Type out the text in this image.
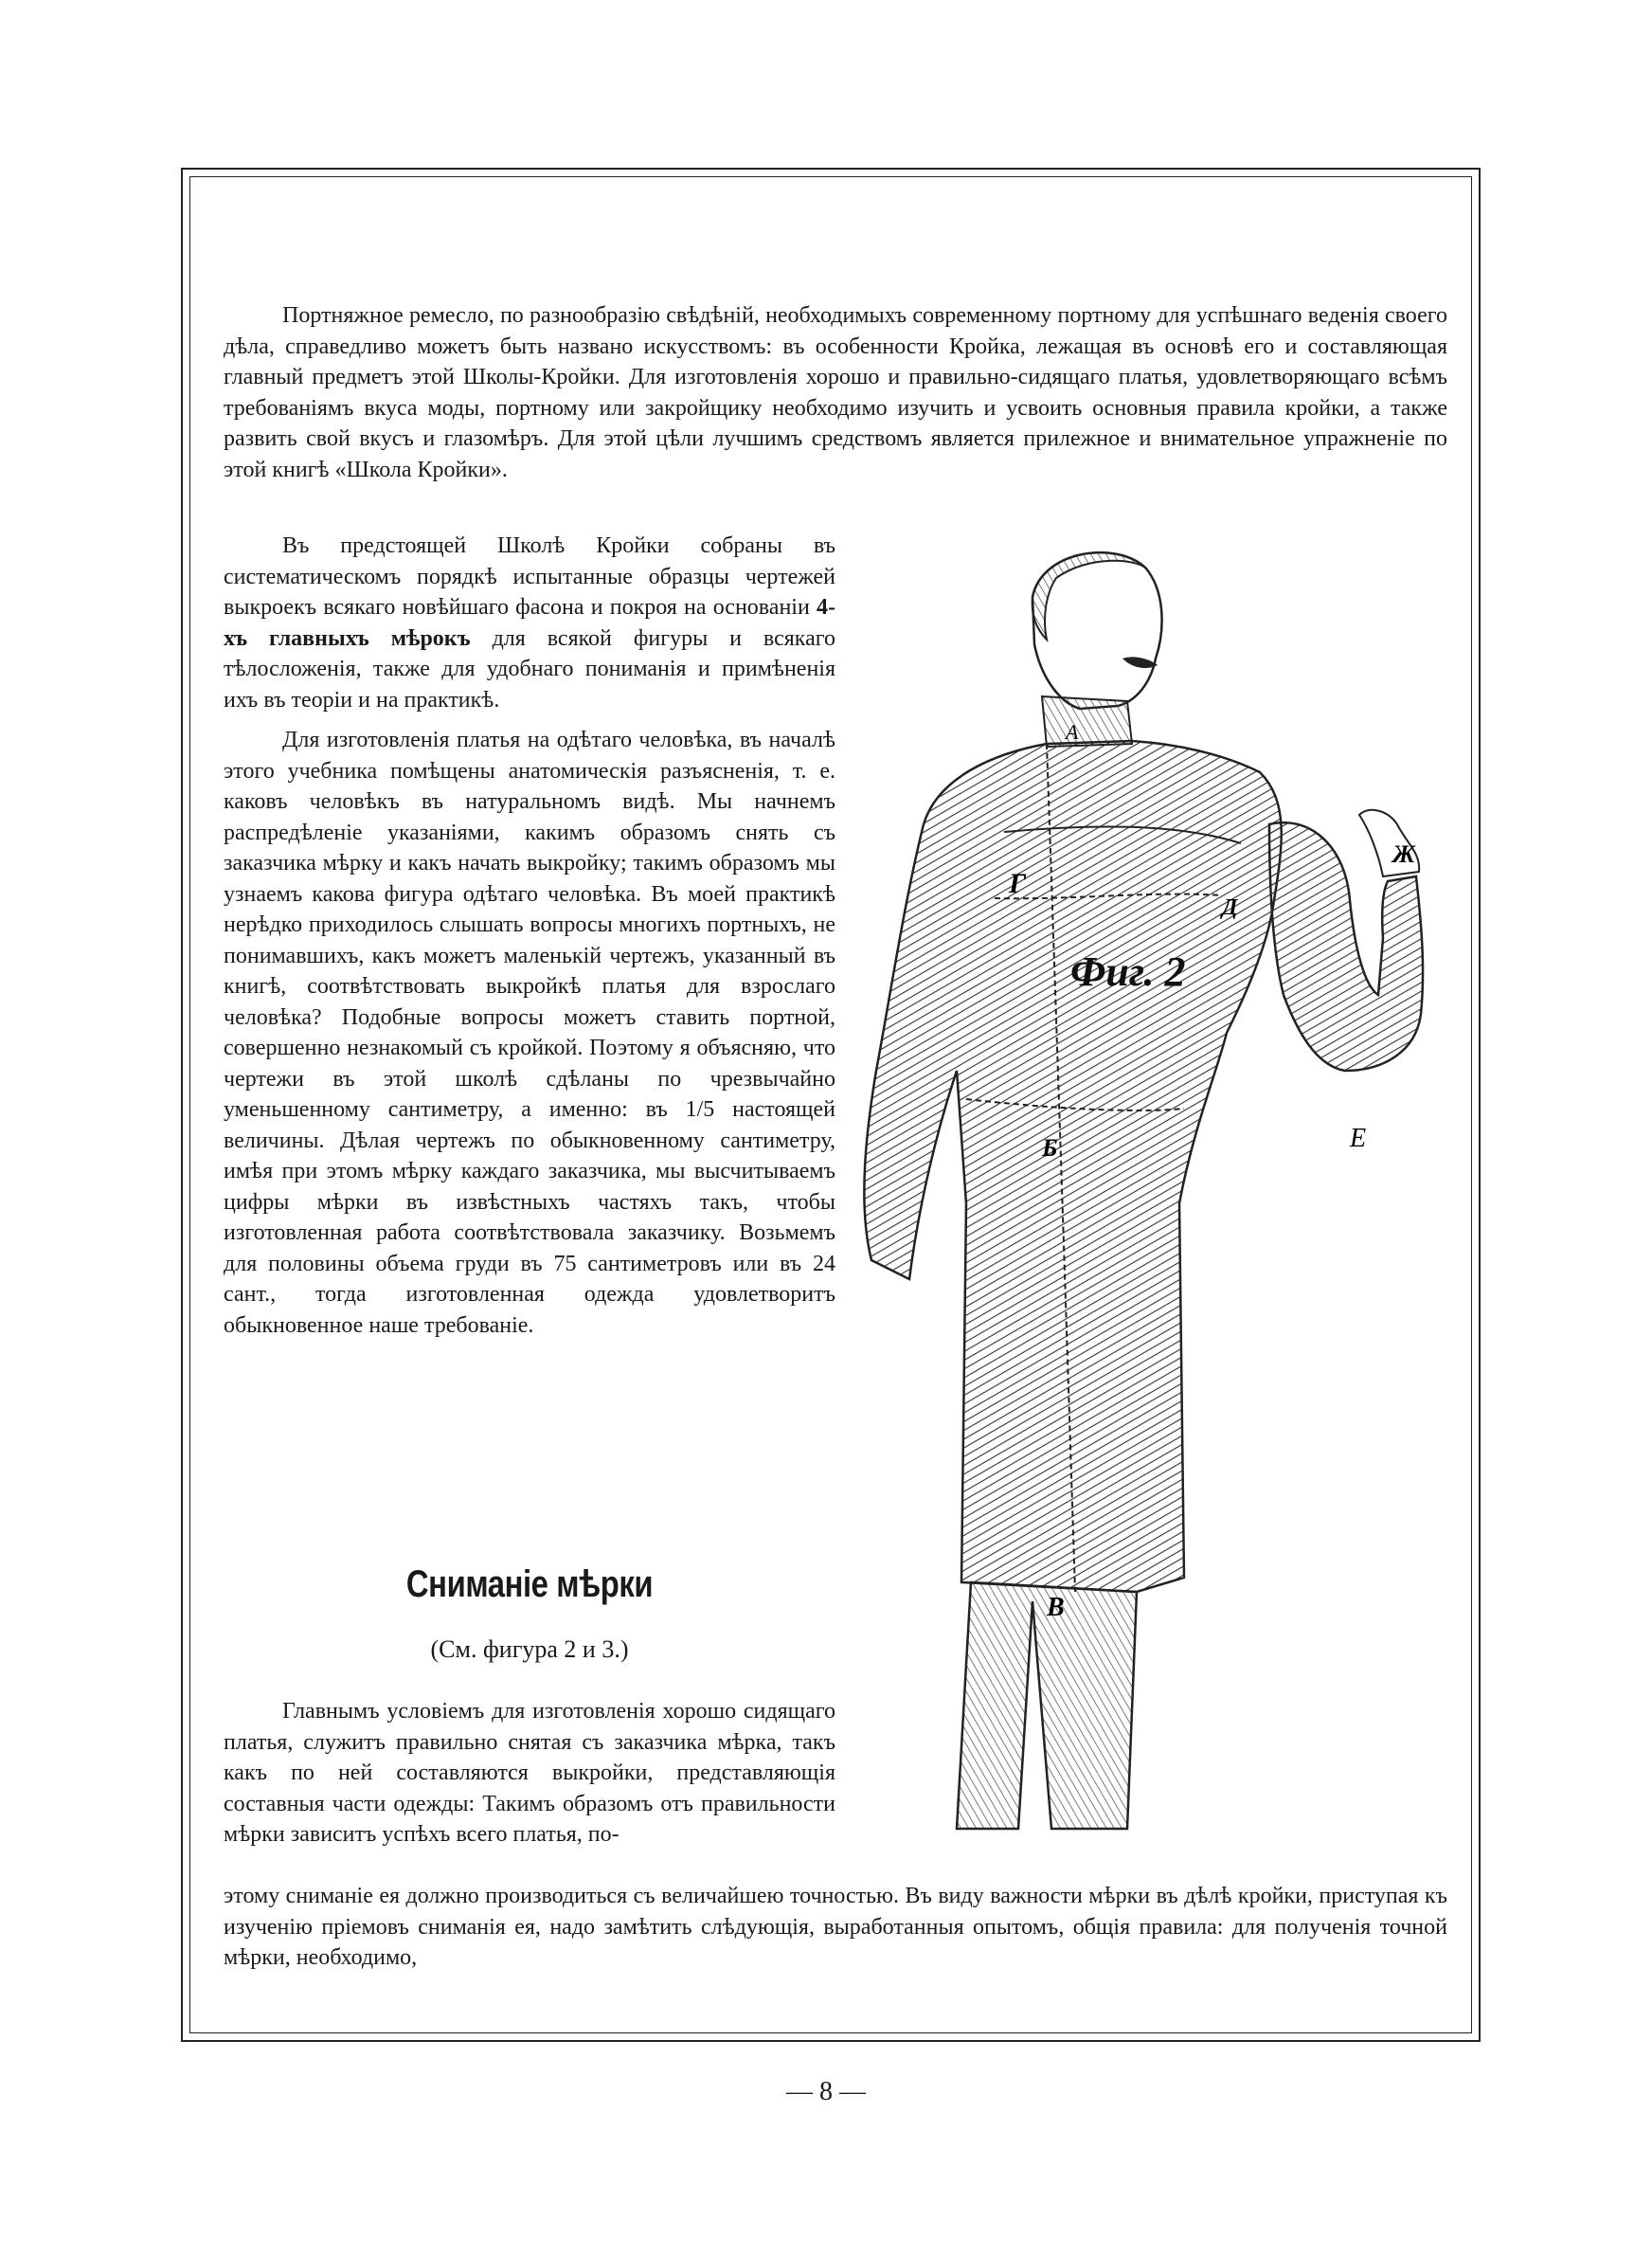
Портняжное ремесло, по разнообразію свѣдѣній, необходимыхъ современному портному для успѣшнаго веденія своего дѣла, справедливо можетъ быть названо искусствомъ: въ особенности Кройка, лежащая въ основѣ его и составляющая главный предметъ этой Школы-Кройки. Для изготовленія хорошо и правильно-сидящаго платья, удовлетворяющаго всѣмъ требованіямъ вкуса моды, портному или закройщику необходимо изучить и усвоить основныя правила кройки, а также развить свой вкусъ и глазомѣръ. Для этой цѣли лучшимъ средствомъ является прилежное и внимательное упражненіе по этой книгѣ «Школа Кройки».

Въ предстоящей Школѣ Кройки собраны въ систематическомъ порядкѣ испытанные образцы чертежей выкроекъ всякаго новѣйшаго фасона и покроя на основаніи 4-хъ главныхъ мѣрокъ для всякой фигуры и всякаго тѣлосложенія, также для удобнаго пониманія и примѣненія ихъ въ теоріи и на практикѣ.

Для изготовленія платья на одѣтаго человѣка, въ началѣ этого учебника помѣщены анатомическія разъясненія, т. е. каковъ человѣкъ въ натуральномъ видѣ. Мы начнемъ распредѣленіе указаніями, какимъ образомъ снять съ заказчика мѣрку и какъ начать выкройку; такимъ образомъ мы узнаемъ какова фигура одѣтаго человѣка. Въ моей практикѣ нерѣдко приходилось слышать вопросы многихъ портныхъ, не понимавшихъ, какъ можетъ маленькій чертежъ, указанный въ книгѣ, соотвѣтствовать выкройкѣ платья для взрослаго человѣка? Подобные вопросы можетъ ставить портной, совершенно незнакомый съ кройкой. Поэтому я объясняю, что чертежи въ этой школѣ сдѣланы по чрезвычайно уменьшенному сантиметру, а именно: въ 1/5 настоящей величины. Дѣлая чертежъ по обыкновенному сантиметру, имѣя при этомъ мѣрку каждаго заказчика, мы высчитываемъ цифры мѣрки въ извѣстныхъ частяхъ такъ, чтобы изготовленная работа соотвѣтствовала заказчику. Возьмемъ для половины объема груди въ 75 сантиметровъ или въ 24 сант., тогда изготовленная одежда удовлетворитъ обыкновенное наше требованіе.

Сниманіе мѣрки
(См. фигура 2 и 3.)

Главнымъ условіемъ для изготовленія хорошо сидящаго платья, служитъ правильно снятая съ заказчика мѣрка, такъ какъ по ней составляются выкройки, представляющія составныя части одежды: Такимъ образомъ отъ правильности мѣрки зависитъ успѣхъ всего платья, по-

этому сниманіе ея должно производиться съ величайшею точностью. Въ виду важности мѣрки въ дѣлѣ кройки, приступая къ изученію пріемовъ сниманія ея, надо замѣтить слѣдующія, выработанныя опытомъ, общія правила: для полученія точной мѣрки, необходимо,

Г
А
Д
Ж
Б	Е
В
Фиг. 2
— 8 —
